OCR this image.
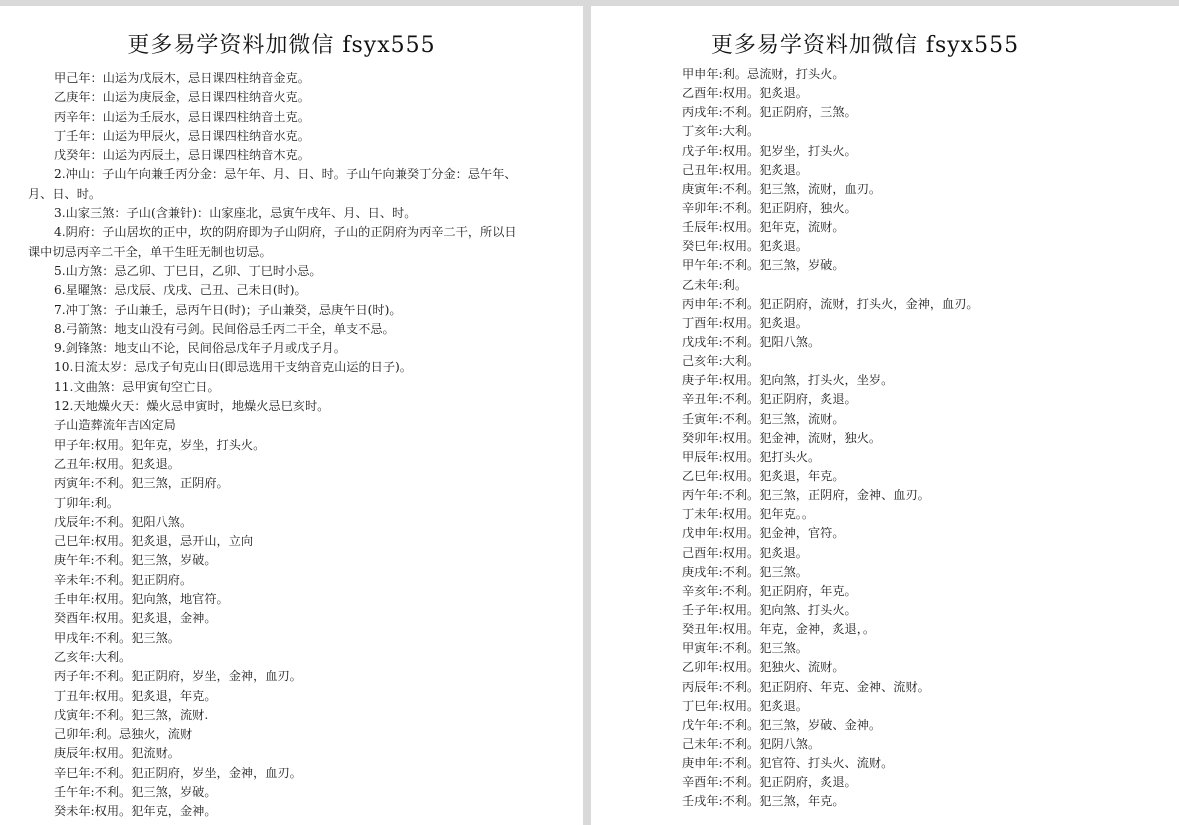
更多易学资料加微信 fsyx555
甲己年：山运为戊辰木，忌日课四柱纳音金克。
乙庚年：山运为庚辰金，忌日课四柱纳音火克。
丙辛年：山运为壬辰水，忌日课四柱纳音土克。
丁壬年：山运为甲辰火，忌日课四柱纳音水克。
戊癸年：山运为丙辰土，忌日课四柱纳音木克。
2.冲山：子山午向兼壬丙分金：忌午年、月、日、时。子山午向兼癸丁分金：忌午年、
月、日、时。
3.山家三煞：子山(含兼针)：山家座北，忌寅午戌年、月、日、时。
4.阴府：子山居坎的正中，坎的阴府即为子山阴府，子山的正阴府为丙辛二干，所以日
课中切忌丙辛二干全，单干生旺无制也切忌。
5.山方煞：忌乙卯、丁巳日，乙卯、丁巳时小忌。
6.星曜煞：忌戊辰、戊戌、己丑、己未日(时)。
7.冲丁煞：子山兼壬，忌丙午日(时)；子山兼癸，忌庚午日(时)。
8.弓箭煞：地支山没有弓剑。民间俗忌壬丙二干全，单支不忌。
9.剑锋煞：地支山不论，民间俗忌戊年子月或戊子月。
10.日流太岁：忌戊子旬克山日(即忌选用干支纳音克山运的日子)。
11.文曲煞：忌甲寅旬空亡日。
12.天地燥火天：燥火忌申寅时，地燥火忌巳亥时。
子山造葬流年吉凶定局
甲子年:权用。犯年克，岁坐，打头火。
乙丑年:权用。犯炙退。
丙寅年:不利。犯三煞，正阴府。
丁卯年:利。
戊辰年:不利。犯阳八煞。
己巳年:权用。犯炙退，忌开山，立向
庚午年:不利。犯三煞，岁破。
辛未年:不利。犯正阴府。
壬申年:权用。犯向煞，地官符。
癸酉年:权用。犯炙退，金神。
甲戌年:不利。犯三煞。
乙亥年:大利。
丙子年:不利。犯正阴府，岁坐，金神，血刃。
丁丑年:权用。犯炙退，年克。
戊寅年:不利。犯三煞，流财.
己卯年:利。忌独火，流财
庚辰年:权用。犯流财。
辛巳年:不利。犯正阴府，岁坐，金神，血刃。
壬午年:不利。犯三煞，岁破。
癸未年:权用。犯年克，金神。
更多易学资料加微信 fsyx555
甲申年:利。忌流财，打头火。
乙酉年:权用。犯炙退。
丙戌年:不利。犯正阴府，三煞。
丁亥年:大利。
戊子年:权用。犯岁坐，打头火。
己丑年:权用。犯炙退。
庚寅年:不利。犯三煞，流财，血刃。
辛卯年:不利。犯正阴府，独火。
壬辰年:权用。犯年克，流财。
癸巳年:权用。犯炙退。
甲午年:不利。犯三煞，岁破。
乙未年:利。
丙申年:不利。犯正阴府，流财，打头火，金神，血刃。
丁酉年:权用。犯炙退。
戊戌年:不利。犯阳八煞。
己亥年:大利。
庚子年:权用。犯向煞，打头火，坐岁。
辛丑年:不利。犯正阴府，炙退。
壬寅年:不利。犯三煞，流财。
癸卯年:权用。犯金神，流财，独火。
甲辰年:权用。犯打头火。
乙巳年:权用。犯炙退，年克。
丙午年:不利。犯三煞，正阴府，金神、血刃。
丁未年:权用。犯年克。。
戊申年:权用。犯金神，官符。
己酉年:权用。犯炙退。
庚戌年:不利。犯三煞。
辛亥年:不利。犯正阴府，年克。
壬子年:权用。犯向煞、打头火。
癸丑年:权用。年克，金神，炙退，。
甲寅年:不利。犯三煞。
乙卯年:权用。犯独火、流财。
丙辰年:不利。犯正阴府、年克、金神、流财。
丁巳年:权用。犯炙退。
戊午年:不利。犯三煞，岁破、金神。
己未年:不利。犯阴八煞。
庚申年:不利。犯官符、打头火、流财。
辛酉年:不利。犯正阴府，炙退。
壬戌年:不利。犯三煞，年克。
